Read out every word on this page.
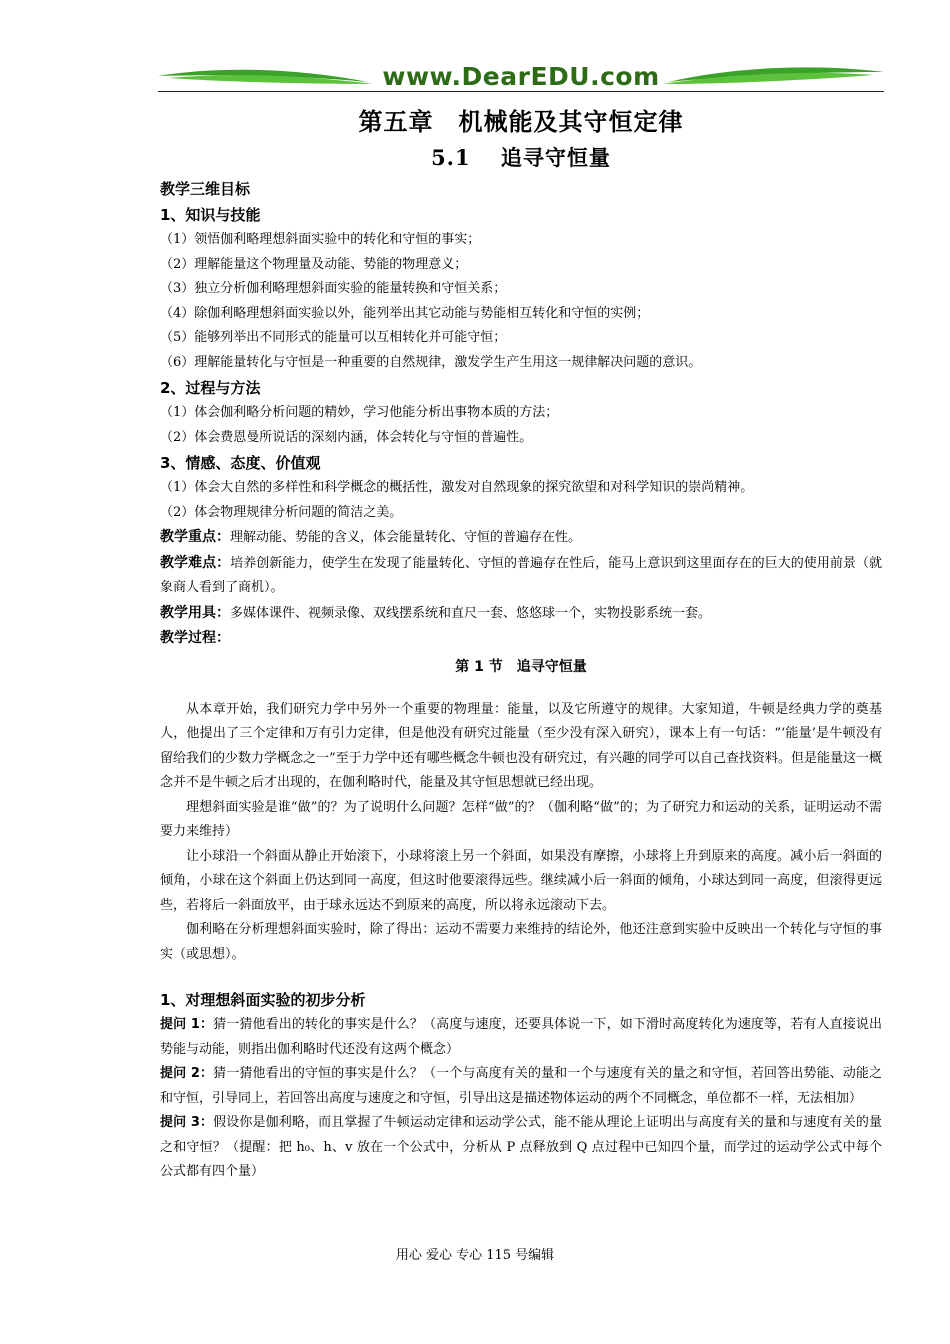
www.DearEDU.com
第五章　机械能及其守恒定律
5.1　 追寻守恒量

教学三维目标

1、知识与技能

（1）领悟伽利略理想斜面实验中的转化和守恒的事实；

（2）理解能量这个物理量及动能、势能的物理意义；

（3）独立分析伽利略理想斜面实验的能量转换和守恒关系；

（4）除伽利略理想斜面实验以外，能列举出其它动能与势能相互转化和守恒的实例；

（5）能够列举出不同形式的能量可以互相转化并可能守恒；

（6）理解能量转化与守恒是一种重要的自然规律，激发学生产生用这一规律解决问题的意识。

2、过程与方法

（1）体会伽利略分析问题的精妙，学习他能分析出事物本质的方法；

（2）体会费恩曼所说话的深刻内涵，体会转化与守恒的普遍性。

3、情感、态度、价值观

（1）体会大自然的多样性和科学概念的概括性，激发对自然现象的探究欲望和对科学知识的崇尚精神。

（2）体会物理规律分析问题的简洁之美。

教学重点：理解动能、势能的含义，体会能量转化、守恒的普遍存在性。

教学难点：培养创新能力，使学生在发现了能量转化、守恒的普遍存在性后，能马上意识到这里面存在的巨大的使用前景（就象商人看到了商机）。

教学用具：多媒体课件、视频录像、双线摆系统和直尺一套、悠悠球一个，实物投影系统一套。

教学过程：

第 1 节　追寻守恒量

从本章开始，我们研究力学中另外一个重要的物理量：能量，以及它所遵守的规律。大家知道，牛顿是经典力学的奠基人，他提出了三个定律和万有引力定律，但是他没有研究过能量（至少没有深入研究），课本上有一句话：“‘能量’是牛顿没有留给我们的少数力学概念之一”至于力学中还有哪些概念牛顿也没有研究过，有兴趣的同学可以自己查找资料。但是能量这一概念并不是牛顿之后才出现的，在伽利略时代，能量及其守恒思想就已经出现。

理想斜面实验是谁“做”的？为了说明什么问题？怎样“做”的？（伽利略“做”的；为了研究力和运动的关系，证明运动不需要力来维持）

让小球沿一个斜面从静止开始滚下，小球将滚上另一个斜面，如果没有摩擦，小球将上升到原来的高度。减小后一斜面的倾角，小球在这个斜面上仍达到同一高度，但这时他要滚得远些。继续减小后一斜面的倾角，小球达到同一高度，但滚得更远些，若将后一斜面放平，由于球永远达不到原来的高度，所以将永远滚动下去。

伽利略在分析理想斜面实验时，除了得出：运动不需要力来维持的结论外，他还注意到实验中反映出一个转化与守恒的事实（或思想）。

1、对理想斜面实验的初步分析

提问 1：猜一猜他看出的转化的事实是什么？（高度与速度，还要具体说一下，如下滑时高度转化为速度等，若有人直接说出势能与动能，则指出伽利略时代还没有这两个概念）

提问 2：猜一猜他看出的守恒的事实是什么？（一个与高度有关的量和一个与速度有关的量之和守恒，若回答出势能、动能之和守恒，引导同上，若回答出高度与速度之和守恒，引导出这是描述物体运动的两个不同概念，单位都不一样，无法相加）

提问 3：假设你是伽利略，而且掌握了牛顿运动定律和运动学公式，能不能从理论上证明出与高度有关的量和与速度有关的量之和守恒？（提醒：把 h₀、h、v 放在一个公式中，分析从 P 点释放到 Q 点过程中已知四个量，而学过的运动学公式中每个公式都有四个量）

用心 爱心 专心 115 号编辑
